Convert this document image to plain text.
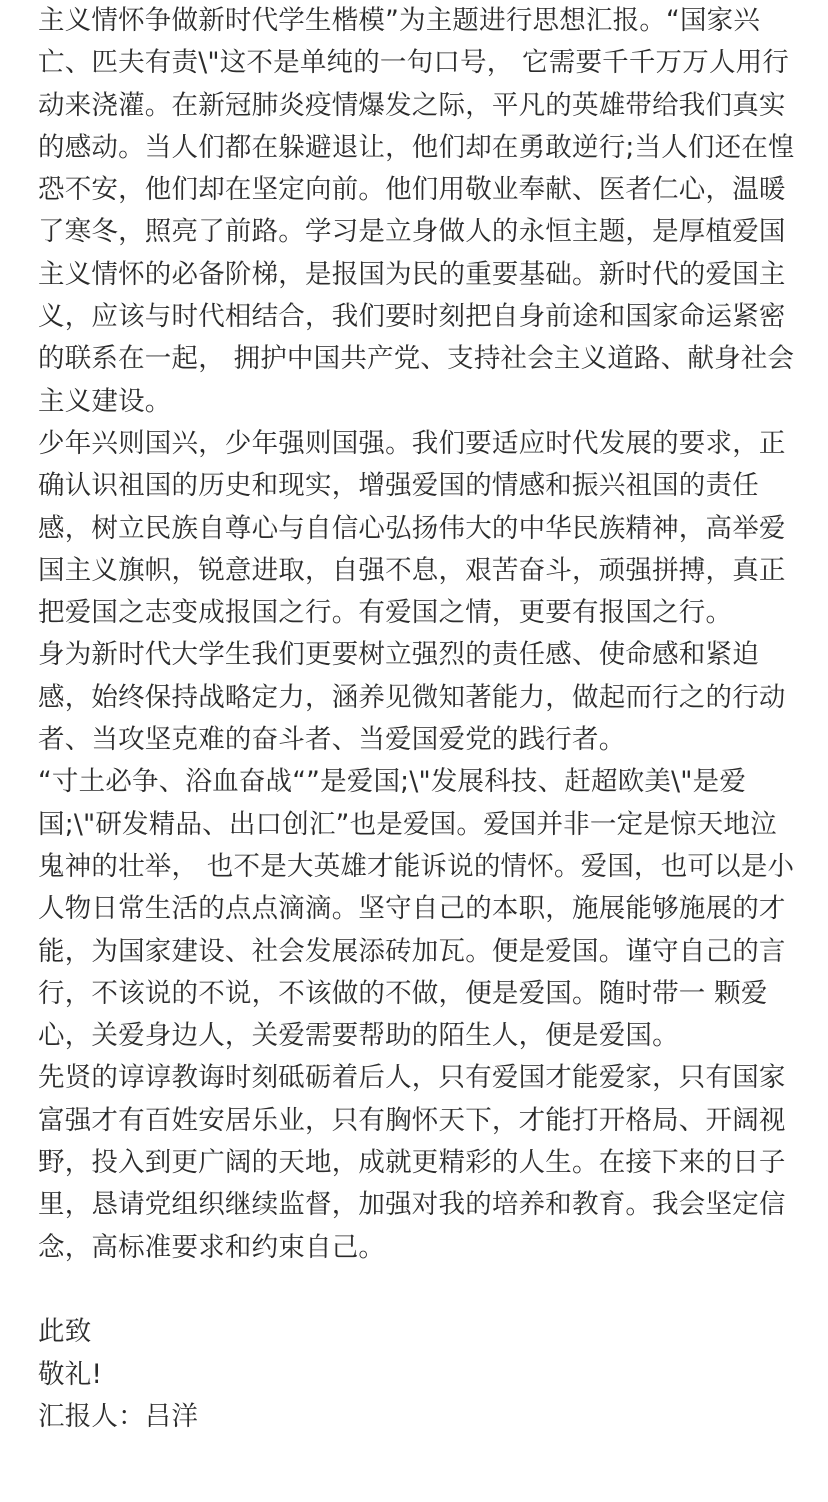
主义情怀争做新时代学生楷模”为主题进行思想汇报。“国家兴亡、匹夫有责\"这不是单纯的一句口号， 它需要千千万万人用行动来浇灌。在新冠肺炎疫情爆发之际，平凡的英雄带给我们真实的感动。当人们都在躲避退让，他们却在勇敢逆行;当人们还在惶恐不安，他们却在坚定向前。他们用敬业奉献、医者仁心，温暖了寒冬，照亮了前路。学习是立身做人的永恒主题，是厚植爱国主义情怀的必备阶梯，是报国为民的重要基础。新时代的爱国主义，应该与时代相结合，我们要时刻把自身前途和国家命运紧密的联系在一起， 拥护中国共产党、支持社会主义道路、献身社会主义建设。

少年兴则国兴，少年强则国强。我们要适应时代发展的要求，正确认识祖国的历史和现实，增强爱国的情感和振兴祖国的责任感，树立民族自尊心与自信心弘扬伟大的中华民族精神，高举爱国主义旗帜，锐意进取，自强不息，艰苦奋斗，顽强拼搏，真正把爱国之志变成报国之行。有爱国之情，更要有报国之行。

身为新时代大学生我们更要树立强烈的责任感、使命感和紧迫感，始终保持战略定力，涵养见微知著能力，做起而行之的行动者、当攻坚克难的奋斗者、当爱国爱党的践行者。

“寸土必争、浴血奋战“”是爱国;\"发展科技、赶超欧美\"是爱国;\"研发精品、出口创汇”也是爱国。爱国并非一定是惊天地泣鬼神的壮举， 也不是大英雄才能诉说的情怀。爱国，也可以是小人物日常生活的点点滴滴。坚守自己的本职，施展能够施展的才能，为国家建设、社会发展添砖加瓦。便是爱国。谨守自己的言行，不该说的不说，不该做的不做，便是爱国。随时带一 颗爱心，关爱身边人，关爱需要帮助的陌生人，便是爱国。

先贤的谆谆教诲时刻砥砺着后人，只有爱国才能爱家，只有国家富强才有百姓安居乐业，只有胸怀天下，才能打开格局、开阔视野，投入到更广阔的天地，成就更精彩的人生。在接下来的日子里，恳请党组织继续监督，加强对我的培养和教育。我会坚定信念，高标准要求和约束自己。

此致

敬礼!

汇报人：吕洋
